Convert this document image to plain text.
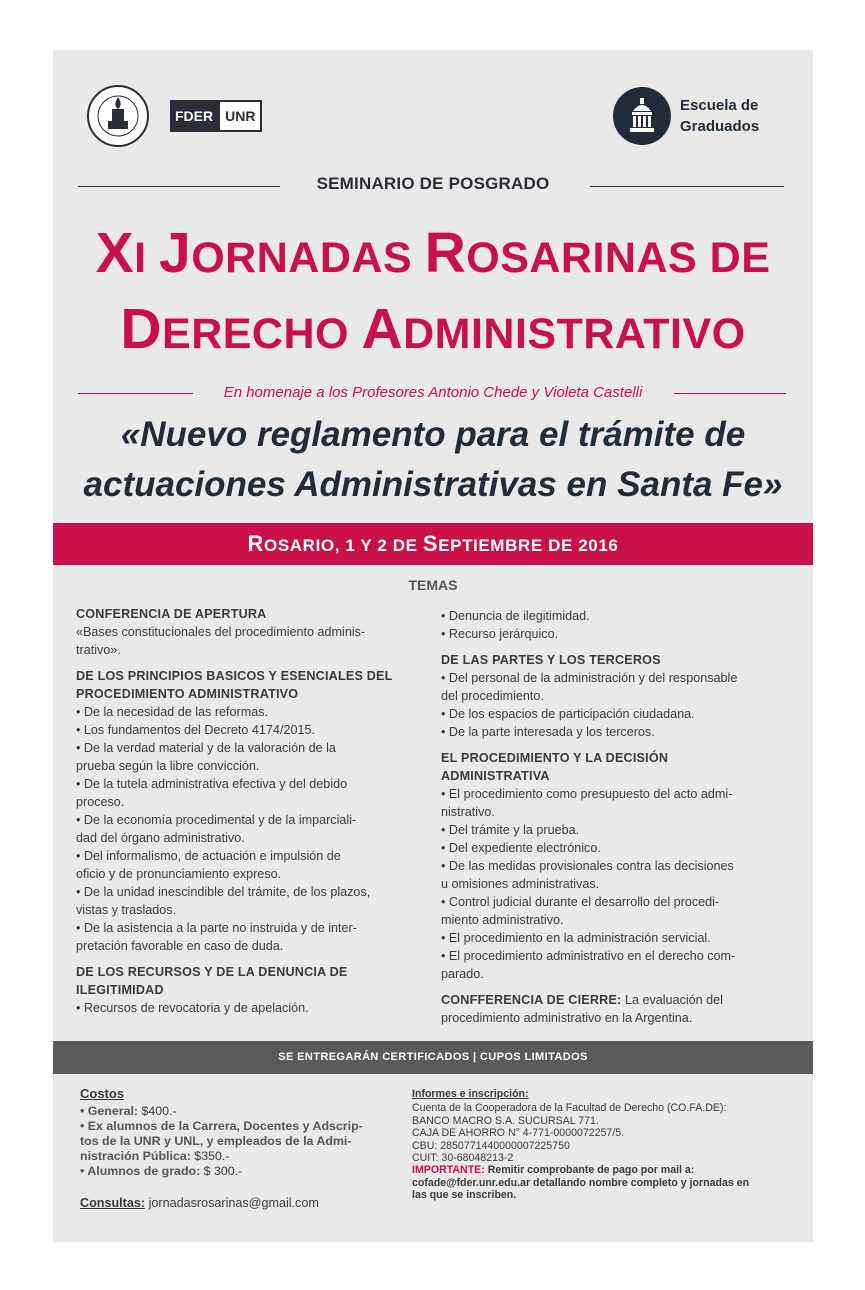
FDER UNR
Escuela de
Graduados
SEMINARIO DE POSGRADO
XI JORNADAS ROSARINAS DE
DERECHO ADMINISTRATIVO
En homenaje a los Profesores Antonio Chede y Violeta Castelli
«Nuevo reglamento para el trámite de
actuaciones Administrativas en Santa Fe»
ROSARIO, 1 Y 2 DE SEPTIEMBRE DE 2016
TEMAS
CONFERENCIA DE APERTURA
«Bases constitucionales del procedimiento adminis-
trativo».
DE LOS PRINCIPIOS BASICOS Y ESENCIALES DEL
PROCEDIMIENTO ADMINISTRATIVO
• De la necesidad de las reformas.
• Los fundamentos del Decreto 4174/2015.
• De la verdad material y de la valoración de la
prueba según la libre convicción.
• De la tutela administrativa efectiva y del debido
proceso.
• De la economía procedimental y de la imparciali-
dad del órgano administrativo.
• Del informalismo, de actuación e impulsión de
oficio y de pronunciamiento expreso.
• De la unidad inescindible del trámite, de los plazos,
vistas y traslados.
• De la asistencia a la parte no instruida y de inter-
pretación favorable en caso de duda.
DE LOS RECURSOS Y DE LA DENUNCIA DE
ILEGITIMIDAD
• Recursos de revocatoria y de apelación.
• Denuncia de ilegitimidad.
• Recurso jerárquico.
DE LAS PARTES Y LOS TERCEROS
• Del personal de la administración y del responsable
del procedimiento.
• De los espacios de participación ciudadana.
• De la parte interesada y los terceros.
EL PROCEDIMIENTO Y LA DECISIÓN
ADMINISTRATIVA
• El procedimiento como presupuesto del acto admi-
nistrativo.
• Del trámite y la prueba.
• Del expediente electrónico.
• De las medidas provisionales contra las decisiones
u omisiones administrativas.
• Control judicial durante el desarrollo del procedi-
miento administrativo.
• El procedimiento en la administración servicial.
• El procedimiento administrativo en el derecho com-
parado.
CONFFERENCIA DE CIERRE: La evaluación del
procedimiento administrativo en la Argentina.
SE ENTREGARÁN CERTIFICADOS | CUPOS LIMITADOS
Costos
• General: $400.-
• Ex alumnos de la Carrera, Docentes y Adscrip-
tos de la UNR y UNL, y empleados de la Admi-
nistración Pública: $350.-
• Alumnos de grado: $ 300.-
Consultas: jornadasrosarinas@gmail.com
Informes e inscripción:
Cuenta de la Cooperadora de la Facultad de Derecho (CO.FA.DE):
BANCO MACRO S.A. SUCURSAL 771.
CAJA DE AHORRO N° 4-771-0000072257/5.
CBU: 2850771440000007225750
CUIT: 30-68048213-2
IMPORTANTE: Remitir comprobante de pago por mail a:
cofade@fder.unr.edu.ar detallando nombre completo y jornadas en
las que se inscriben.
